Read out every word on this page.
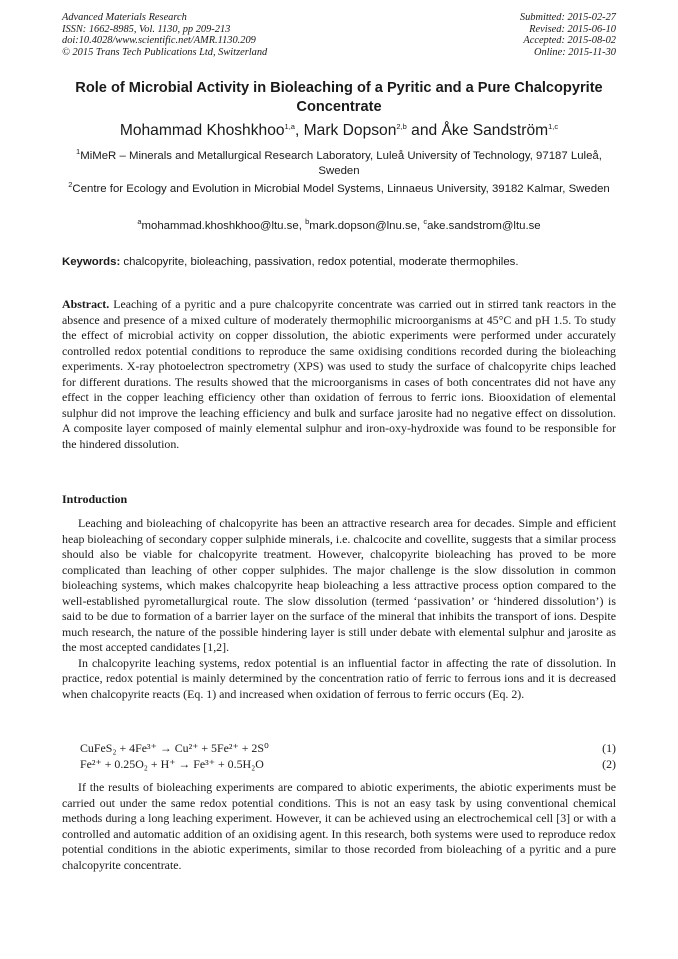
Advanced Materials Research
ISSN: 1662-8985, Vol. 1130, pp 209-213
doi:10.4028/www.scientific.net/AMR.1130.209
© 2015 Trans Tech Publications Ltd, Switzerland
Submitted: 2015-02-27
Revised: 2015-06-10
Accepted: 2015-08-02
Online: 2015-11-30
Role of Microbial Activity in Bioleaching of a Pyritic and a Pure Chalcopyrite Concentrate
Mohammad Khoshkhoo$^{1,a}$, Mark Dopson$^{2,b}$ and Åke Sandström$^{1,c}$
$^1$MiMeR – Minerals and Metallurgical Research Laboratory, Luleå University of Technology, 97187 Luleå, Sweden
$^2$Centre for Ecology and Evolution in Microbial Model Systems, Linnaeus University, 39182 Kalmar, Sweden
$^a$mohammad.khoshkhoo@ltu.se, $^b$mark.dopson@lnu.se, $^c$ake.sandstrom@ltu.se
Keywords: chalcopyrite, bioleaching, passivation, redox potential, moderate thermophiles.
Abstract. Leaching of a pyritic and a pure chalcopyrite concentrate was carried out in stirred tank reactors in the absence and presence of a mixed culture of moderately thermophilic microorganisms at 45°C and pH 1.5. To study the effect of microbial activity on copper dissolution, the abiotic experiments were performed under accurately controlled redox potential conditions to reproduce the same oxidising conditions recorded during the bioleaching experiments. X-ray photoelectron spectrometry (XPS) was used to study the surface of chalcopyrite chips leached for different durations. The results showed that the microorganisms in cases of both concentrates did not have any effect in the copper leaching efficiency other than oxidation of ferrous to ferric ions. Biooxidation of elemental sulphur did not improve the leaching efficiency and bulk and surface jarosite had no negative effect on dissolution. A composite layer composed of mainly elemental sulphur and iron-oxy-hydroxide was found to be responsible for the hindered dissolution.
Introduction

Leaching and bioleaching of chalcopyrite has been an attractive research area for decades. Simple and efficient heap bioleaching of secondary copper sulphide minerals, i.e. chalcocite and covellite, suggests that a similar process should also be viable for chalcopyrite treatment. However, chalcopyrite bioleaching has proved to be more complicated than leaching of other copper sulphides. The major challenge is the slow dissolution in common bioleaching systems, which makes chalcopyrite heap bioleaching a less attractive process option compared to the well-established pyrometallurgical route. The slow dissolution (termed ‘passivation’ or ‘hindered dissolution’) is said to be due to formation of a barrier layer on the surface of the mineral that inhibits the transport of ions. Despite much research, the nature of the possible hindering layer is still under debate with elemental sulphur and jarosite as the most accepted candidates [1,2].

In chalcopyrite leaching systems, redox potential is an influential factor in affecting the rate of dissolution. In practice, redox potential is mainly determined by the concentration ratio of ferric to ferrous ions and it is decreased when chalcopyrite reacts (Eq. 1) and increased when oxidation of ferrous to ferric occurs (Eq. 2).

CuFeS₂ + 4Fe³⁺ → Cu²⁺ + 5Fe²⁺ + 2S⁰	(1)
Fe²⁺ + 0.25O₂ + H⁺ → Fe³⁺ + 0.5H₂O	(2)

If the results of bioleaching experiments are compared to abiotic experiments, the abiotic experiments must be carried out under the same redox potential conditions. This is not an easy task by using conventional chemical methods during a long leaching experiment. However, it can be achieved using an electrochemical cell [3] or with a controlled and automatic addition of an oxidising agent. In this research, both systems were used to reproduce redox potential conditions in the abiotic experiments, similar to those recorded from bioleaching of a pyritic and a pure chalcopyrite concentrate.
